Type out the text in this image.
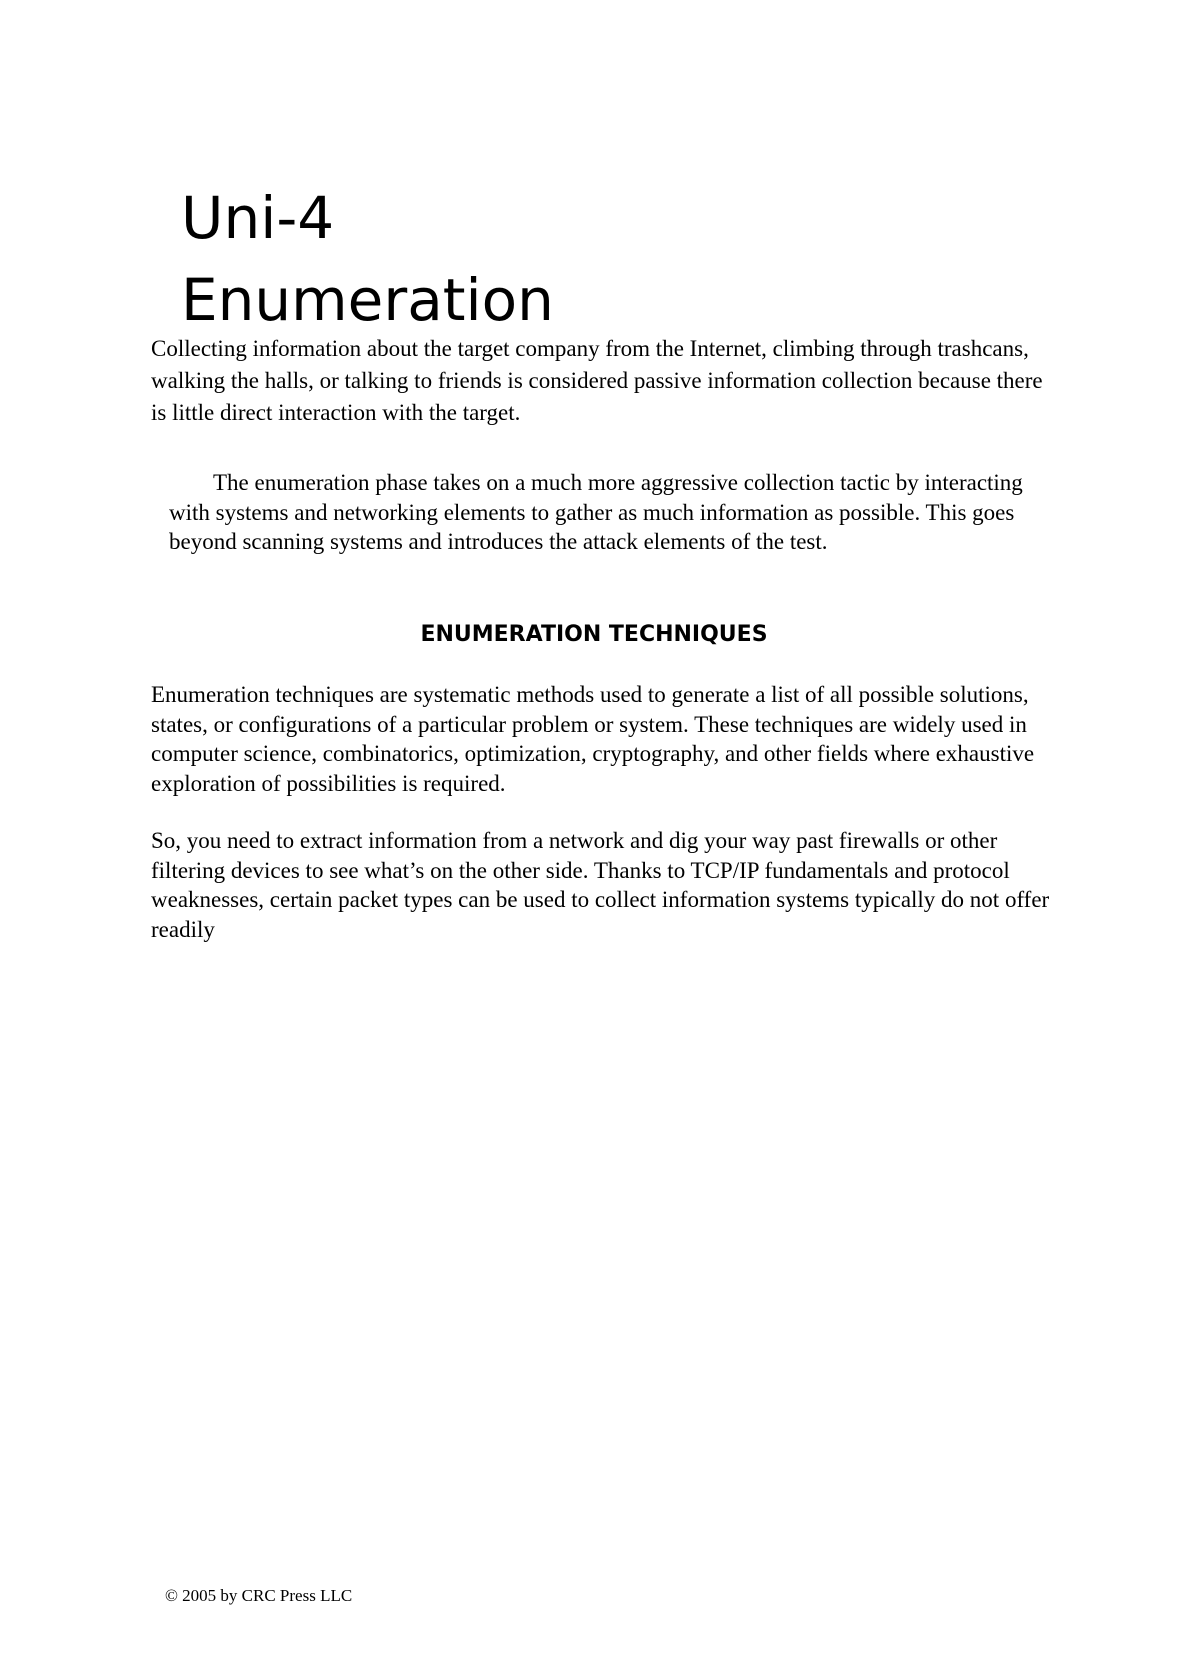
Uni-4
Enumeration

Collecting information about the target company from the Internet, climbing through trashcans, walking the halls, or talking to friends is considered passive information collection because there is little direct interaction with the target.

The enumeration phase takes on a much more aggressive collection tactic by interacting with systems and networking elements to gather as much information as possible. This goes beyond scanning systems and introduces the attack elements of the test.

ENUMERATION TECHNIQUES

Enumeration techniques are systematic methods used to generate a list of all possible solutions, states, or configurations of a particular problem or system. These techniques are widely used in computer science, combinatorics, optimization, cryptography, and other fields where exhaustive exploration of possibilities is required.

So, you need to extract information from a network and dig your way past firewalls or other filtering devices to see what’s on the other side. Thanks to TCP/IP fundamentals and protocol weaknesses, certain packet types can be used to collect information systems typically do not offer readily

© 2005 by CRC Press LLC
